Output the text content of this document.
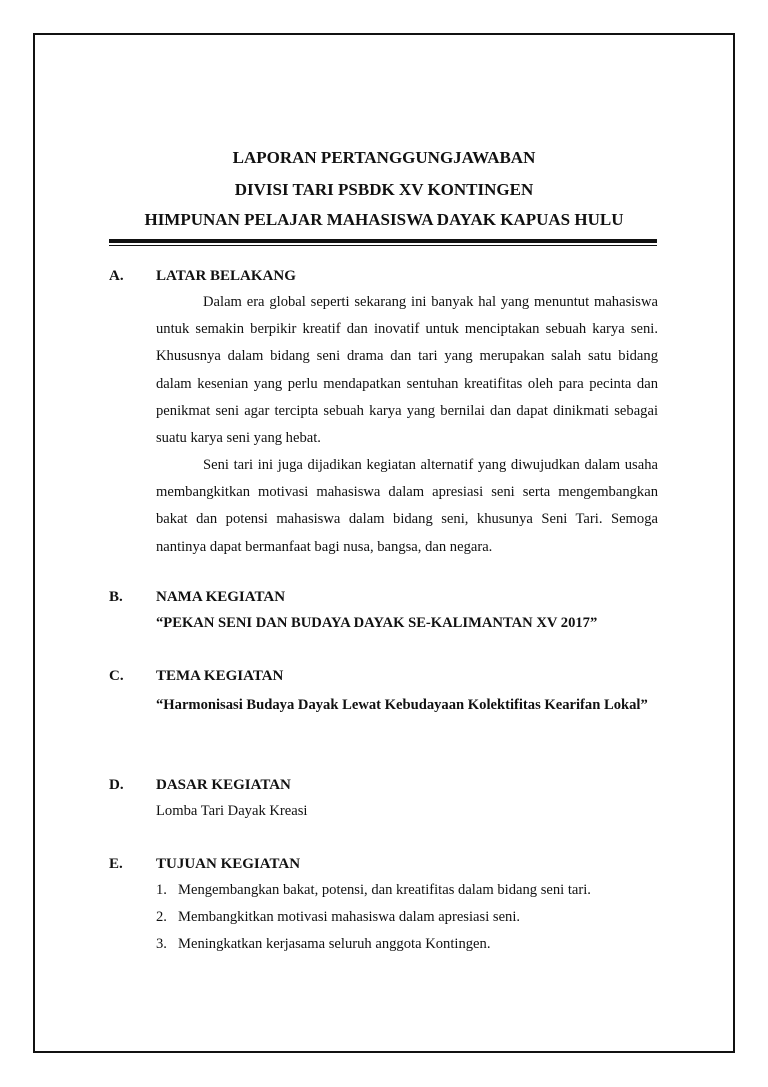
LAPORAN PERTANGGUNGJAWABAN
DIVISI TARI PSBDK XV KONTINGEN
HIMPUNAN PELAJAR MAHASISWA DAYAK KAPUAS HULU
A. LATAR BELAKANG

Dalam era global seperti sekarang ini banyak hal yang menuntut mahasiswa untuk semakin berpikir kreatif dan inovatif untuk menciptakan sebuah karya seni. Khususnya dalam bidang seni drama dan tari yang merupakan salah satu bidang dalam kesenian yang perlu mendapatkan sentuhan kreatifitas oleh para pecinta dan penikmat seni agar tercipta sebuah karya yang bernilai dan dapat dinikmati sebagai suatu karya seni yang hebat.

Seni tari ini juga dijadikan kegiatan alternatif yang diwujudkan dalam usaha membangkitkan motivasi mahasiswa dalam apresiasi seni serta mengembangkan bakat dan potensi mahasiswa dalam bidang seni, khusunya Seni Tari. Semoga nantinya dapat bermanfaat bagi nusa, bangsa, dan negara.

B. NAMA KEGIATAN
“PEKAN SENI DAN BUDAYA DAYAK SE-KALIMANTAN XV 2017”
C. TEMA KEGIATAN

“Harmonisasi Budaya Dayak Lewat Kebudayaan Kolektifitas Kearifan Lokal”

D. DASAR KEGIATAN
Lomba Tari Dayak Kreasi
E. TUJUAN KEGIATAN
1. Mengembangkan bakat, potensi, dan kreatifitas dalam bidang seni tari.
2. Membangkitkan motivasi mahasiswa dalam apresiasi seni.
3. Meningkatkan kerjasama seluruh anggota Kontingen.
